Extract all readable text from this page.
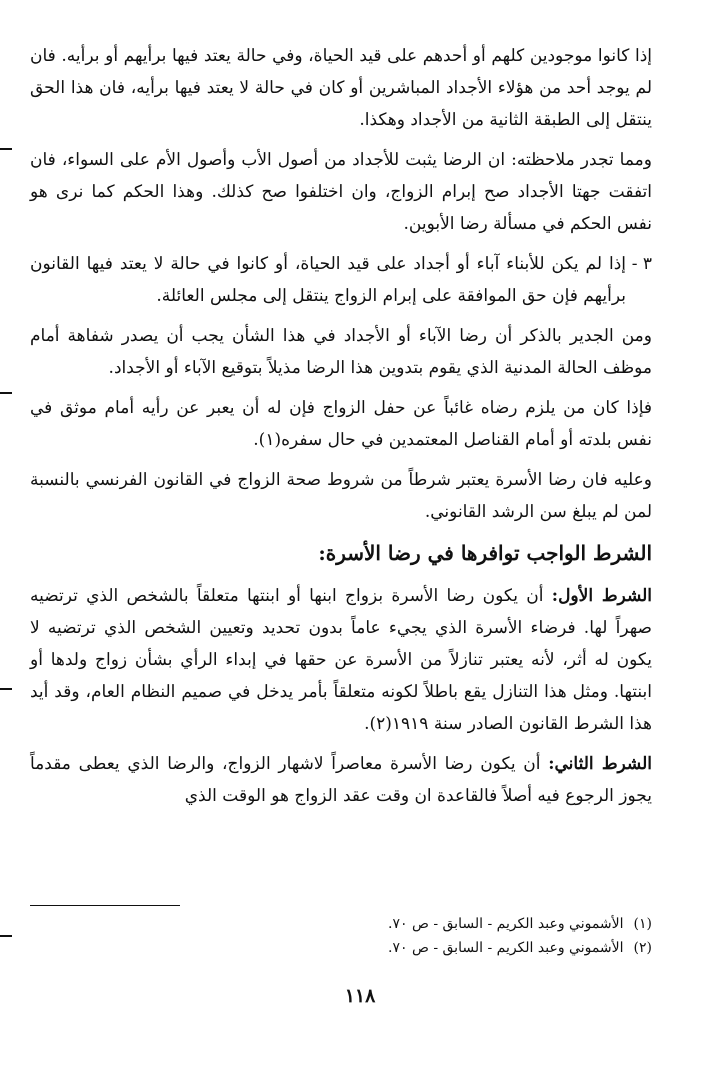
إذا كانوا موجودين كلهم أو أحدهم على قيد الحياة، وفي حالة يعتد فيها برأيهم أو برأيه. فان لم يوجد أحد من هؤلاء الأجداد المباشرين أو كان في حالة لا يعتد فيها برأيه، فان هذا الحق ينتقل إلى الطبقة الثانية من الأجداد وهكذا.

ومما تجدر ملاحظته: ان الرضا يثبت للأجداد من أصول الأب وأصول الأم على السواء، فان اتفقت جهتا الأجداد صح إبرام الزواج، وان اختلفوا صح كذلك. وهذا الحكم كما نرى هو نفس الحكم في مسألة رضا الأبوين.

٣ -
إذا لم يكن للأبناء آباء أو أجداد على قيد الحياة، أو كانوا في حالة لا يعتد فيها القانون برأيهم فإن حق الموافقة على إبرام الزواج ينتقل إلى مجلس العائلة.

ومن الجدير بالذكر أن رضا الآباء أو الأجداد في هذا الشأن يجب أن يصدر شفاهة أمام موظف الحالة المدنية الذي يقوم بتدوين هذا الرضا مذيلاً بتوقيع الآباء أو الأجداد.

فإذا كان من يلزم رضاه غائباً عن حفل الزواج فإن له أن يعبر عن رأيه أمام موثق في نفس بلدته أو أمام القناصل المعتمدين في حال سفره(١).

وعليه فان رضا الأسرة يعتبر شرطاً من شروط صحة الزواج في القانون الفرنسي بالنسبة لمن لم يبلغ سن الرشد القانوني.

الشرط الواجب توافرها في رضا الأسرة:

الشرط الأول: أن يكون رضا الأسرة بزواج ابنها أو ابنتها متعلقاً بالشخص الذي ترتضيه صهراً لها. فرضاء الأسرة الذي يجيء عاماً بدون تحديد وتعيين الشخص الذي ترتضيه لا يكون له أثر، لأنه يعتبر تنازلاً من الأسرة عن حقها في إبداء الرأي بشأن زواج ولدها أو ابنتها. ومثل هذا التنازل يقع باطلاً لكونه متعلقاً بأمر يدخل في صميم النظام العام، وقد أيد هذا الشرط القانون الصادر سنة ١٩١٩(٢).

الشرط الثاني: أن يكون رضا الأسرة معاصراً لاشهار الزواج، والرضا الذي يعطى مقدماً يجوز الرجوع فيه أصلاً فالقاعدة ان وقت عقد الزواج هو الوقت الذي

(١)
الأشموني وعبد الكريم - السابق - ص ٧٠.
(٢)
الأشموني وعبد الكريم - السابق - ص ٧٠.
١١٨
